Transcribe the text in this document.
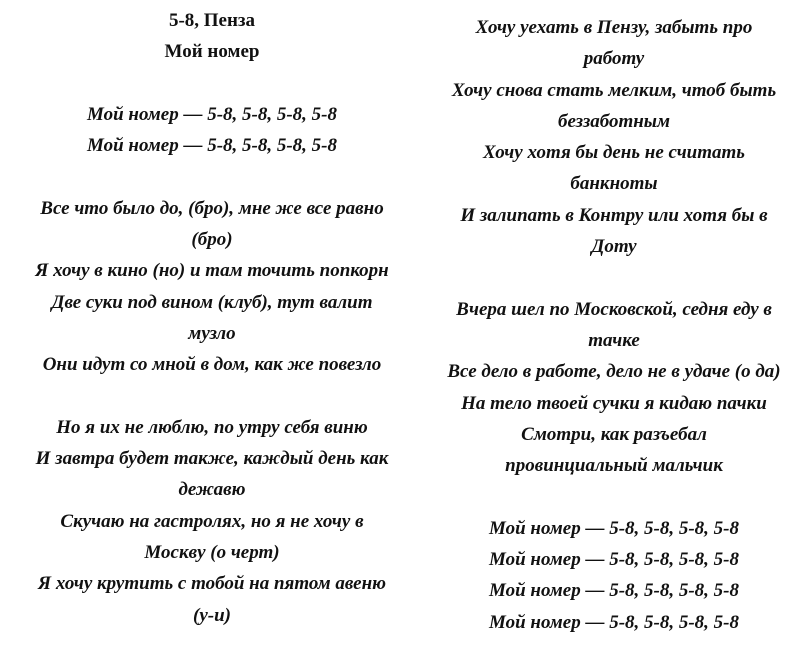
5-8, Пенза
Мой номер
Мой номер — 5-8, 5-8, 5-8, 5-8
Мой номер — 5-8, 5-8, 5-8, 5-8
Все что было до, (бро), мне же все равно
(бро)
Я хочу в кино (но) и там точить попкорн
Две суки под вином (клуб), тут валит
музло
Они идут со мной в дом, как же повезло
Но я их не люблю, по утру себя виню
И завтра будет также, каждый день как
дежавю
Скучаю на гастролях, но я не хочу в
Москву (о черт)
Я хочу крутить с тобой на пятом авеню
(у-и)
Хочу уехать в Пензу, забыть про
работу
Хочу снова стать мелким, чтоб быть
беззаботным
Хочу хотя бы день не считать
банкноты
И залипать в Контру или хотя бы в
Доту
Вчера шел по Московской, седня еду в
тачке
Все дело в работе, дело не в удаче (о да)
На тело твоей сучки я кидаю пачки
Смотри, как разъебал
провинциальный мальчик
Мой номер — 5-8, 5-8, 5-8, 5-8
Мой номер — 5-8, 5-8, 5-8, 5-8
Мой номер — 5-8, 5-8, 5-8, 5-8
Мой номер — 5-8, 5-8, 5-8, 5-8
